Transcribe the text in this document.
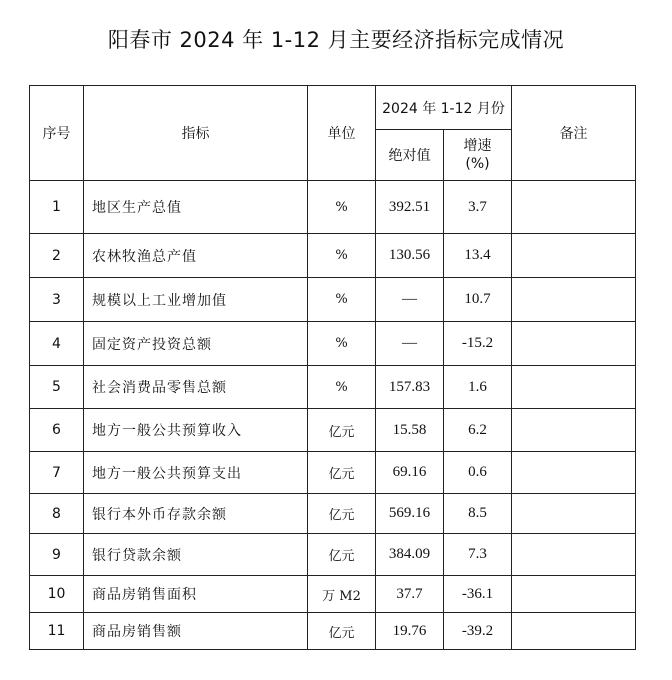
阳春市 2024 年 1-12 月主要经济指标完成情况
序号	指标	单位	2024 年 1-12 月份		备注
			绝对值	增速
(%)	

1	地区生产总值	%	392.51	3.7	
2	农林牧渔总产值	%	130.56	13.4	
3	规模以上工业增加值	%	—	10.7	
4	固定资产投资总额	%	—	-15.2	
5	社会消费品零售总额	%	157.83	1.6	
6	地方一般公共预算收入	亿元	15.58	6.2	
7	地方一般公共预算支出	亿元	69.16	0.6	
8	银行本外币存款余额	亿元	569.16	8.5	
9	银行贷款余额	亿元	384.09	7.3	
10	商品房销售面积	万 M2	37.7	-36.1	
11	商品房销售额	亿元	19.76	-39.2	
